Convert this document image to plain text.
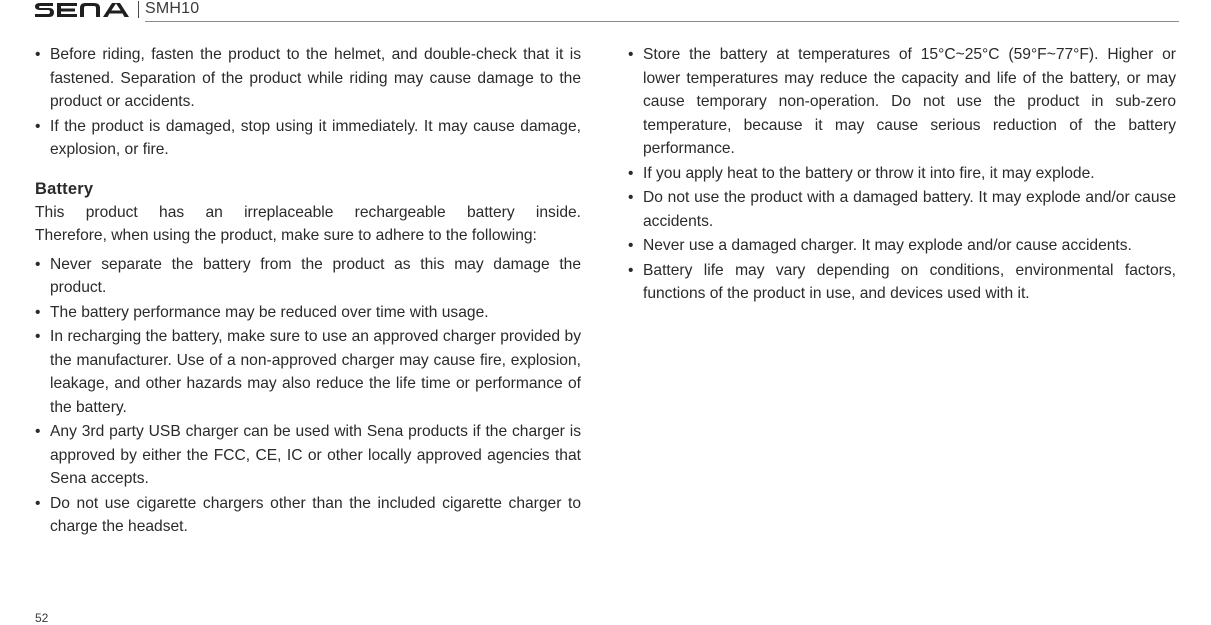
SMH10
• Before riding, fasten the product to the helmet, and double-check that it is fastened. Separation of the product while riding may cause damage to the product or accidents.
• If the product is damaged, stop using it immediately. It may cause damage, explosion, or fire.
Battery
This product has an irreplaceable rechargeable battery inside.
Therefore, when using the product, make sure to adhere to the following:
• Never separate the battery from the product as this may damage the product.
• The battery performance may be reduced over time with usage.
• In recharging the battery, make sure to use an approved charger provided by the manufacturer. Use of a non-approved charger may cause fire, explosion, leakage, and other hazards may also reduce the life time or performance of the battery.
• Any 3rd party USB charger can be used with Sena products if the charger is approved by either the FCC, CE, IC or other locally approved agencies that Sena accepts.
• Do not use cigarette chargers other than the included cigarette charger to charge the headset.
• Store the battery at temperatures of 15°C~25°C (59°F~77°F). Higher or lower temperatures may reduce the capacity and life of the battery, or may cause temporary non-operation. Do not use the product in sub-zero temperature, because it may cause serious reduction of the battery performance.
• If you apply heat to the battery or throw it into fire, it may explode.
• Do not use the product with a damaged battery. It may explode and/or cause accidents.
• Never use a damaged charger. It may explode and/or cause accidents.
• Battery life may vary depending on conditions, environmental factors, functions of the product in use, and devices used with it.
52
